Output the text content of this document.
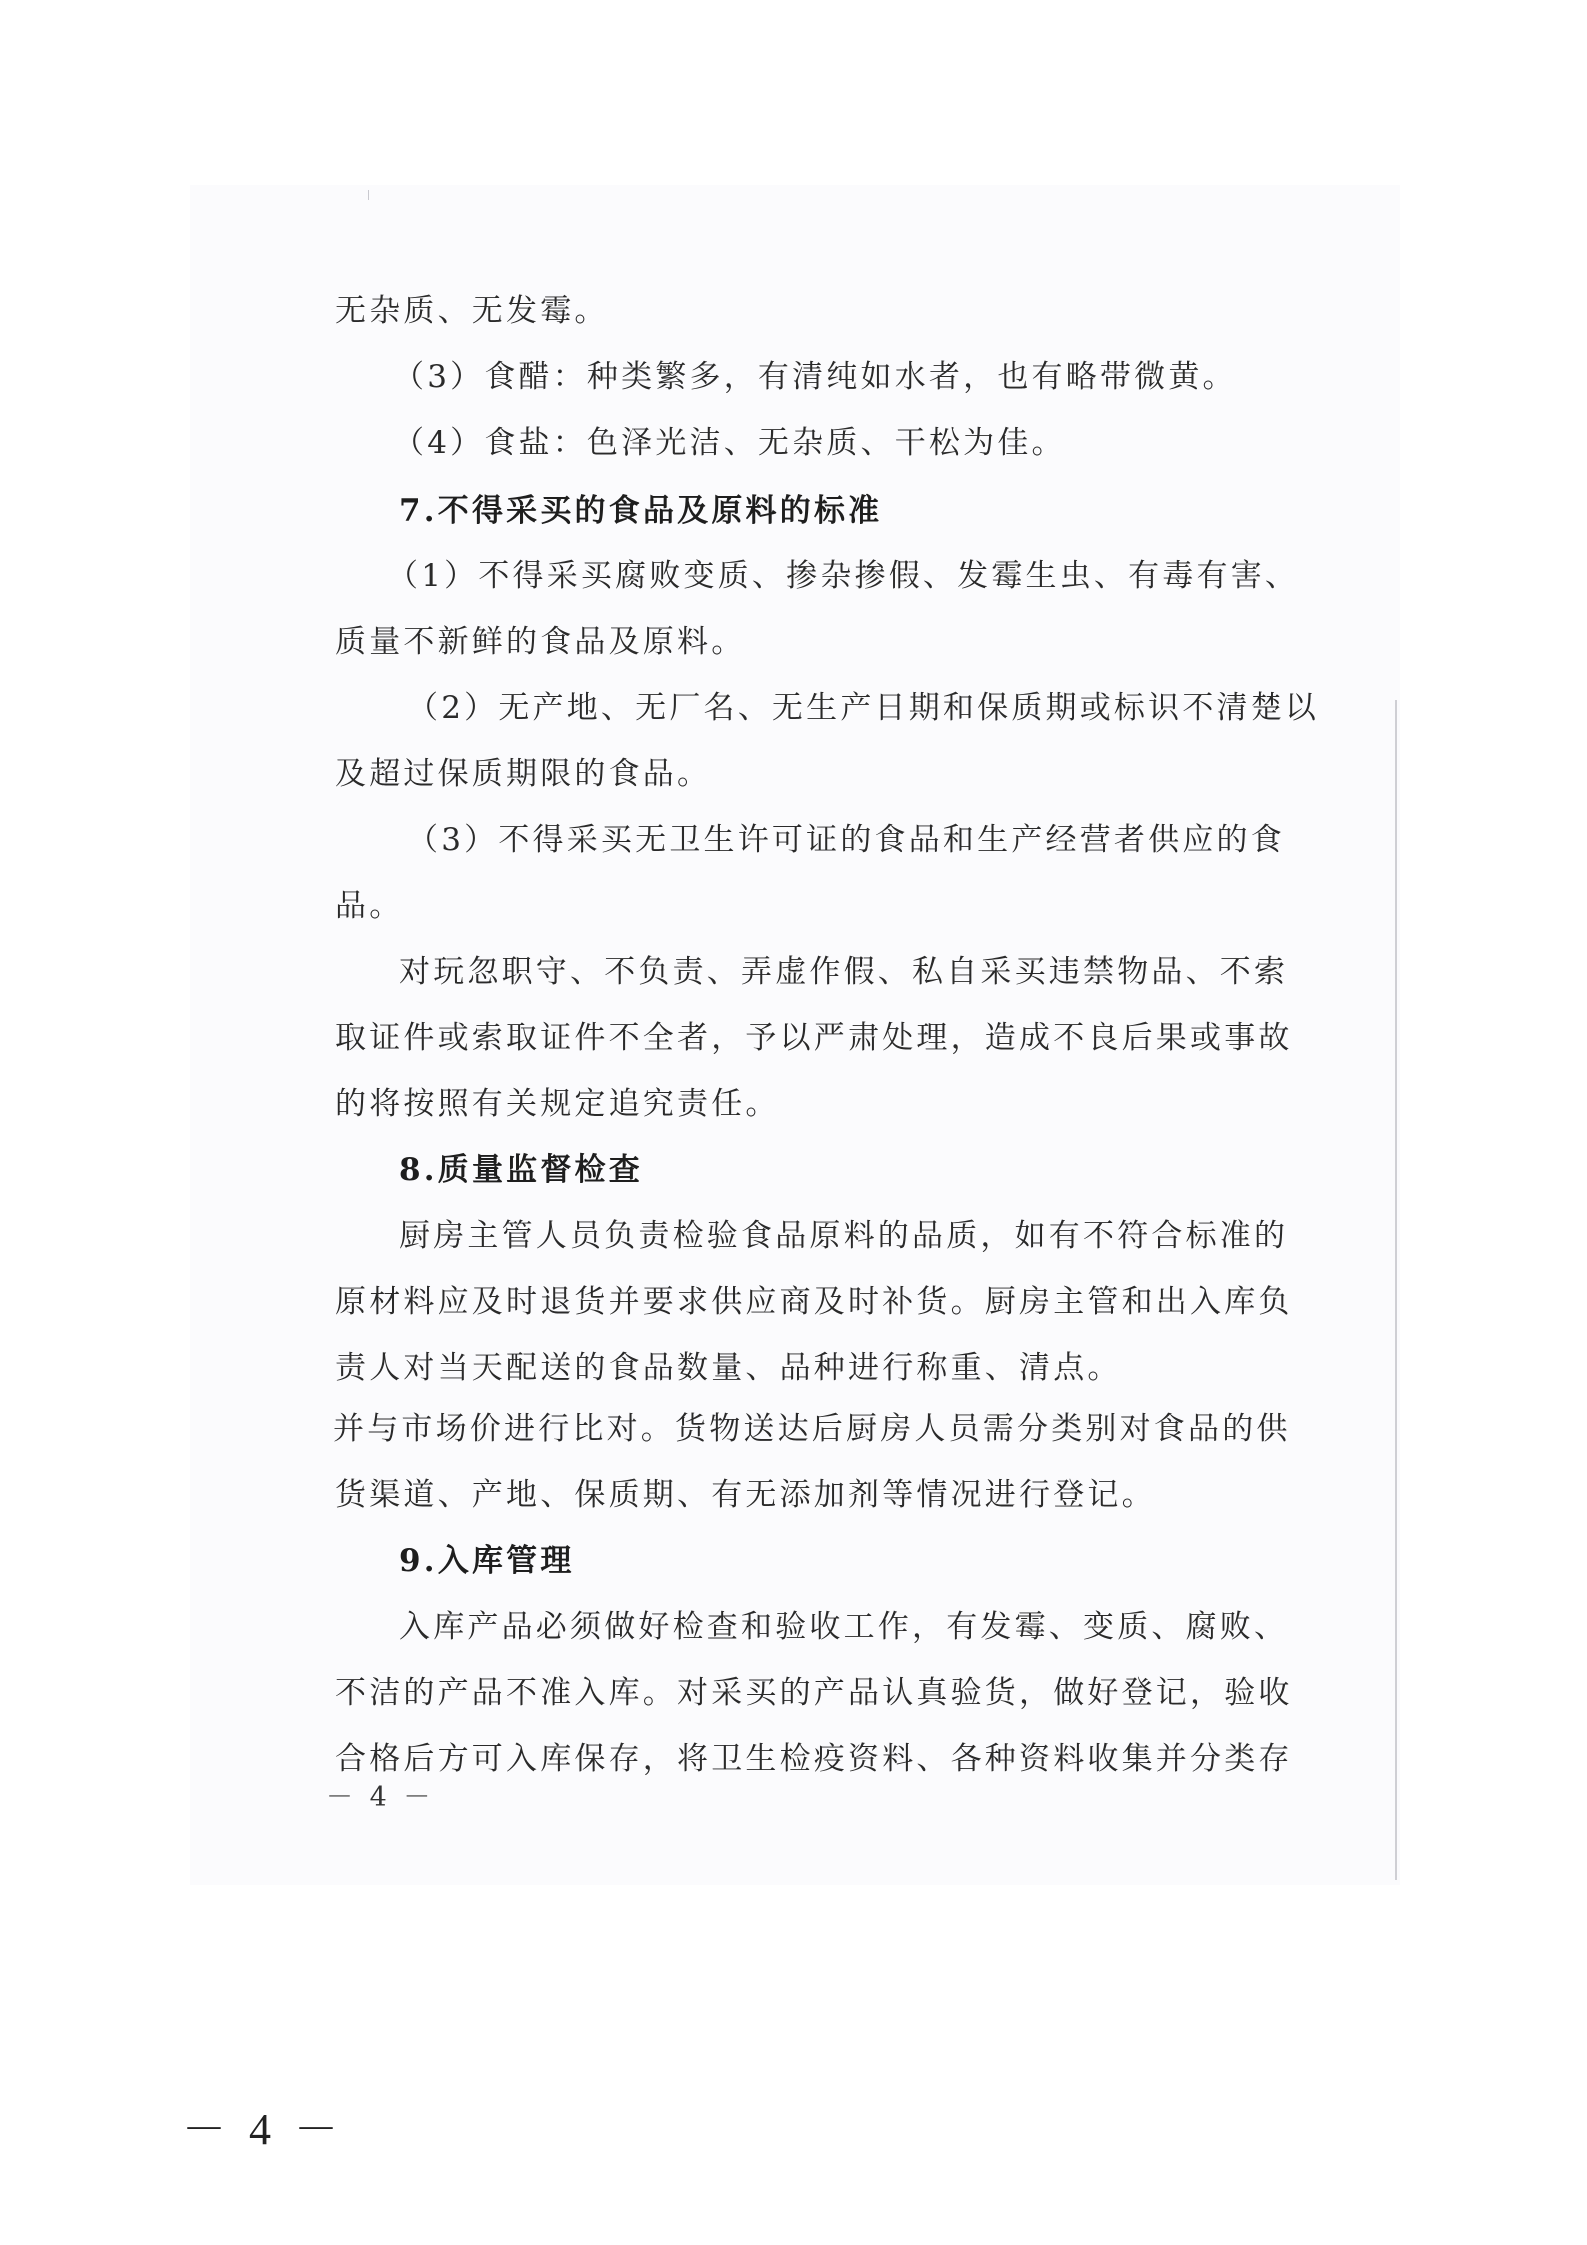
无杂质、无发霉。
（3）食醋：种类繁多，有清纯如水者，也有略带微黄。
（4）食盐：色泽光洁、无杂质、干松为佳。
7.不得采买的食品及原料的标准
（1）不得采买腐败变质、掺杂掺假、发霉生虫、有毒有害、
质量不新鲜的食品及原料。
（2）无产地、无厂名、无生产日期和保质期或标识不清楚以
及超过保质期限的食品。
（3）不得采买无卫生许可证的食品和生产经营者供应的食
品。
对玩忽职守、不负责、弄虚作假、私自采买违禁物品、不索
取证件或索取证件不全者，予以严肃处理，造成不良后果或事故
的将按照有关规定追究责任。
8.质量监督检查
厨房主管人员负责检验食品原料的品质，如有不符合标准的
原材料应及时退货并要求供应商及时补货。厨房主管和出入库负
责人对当天配送的食品数量、品种进行称重、清点。
并与市场价进行比对。货物送达后厨房人员需分类别对食品的供
货渠道、产地、保质期、有无添加剂等情况进行登记。
9.入库管理
入库产品必须做好检查和验收工作，有发霉、变质、腐败、
不洁的产品不准入库。对采买的产品认真验货，做好登记，验收
合格后方可入库保存，将卫生检疫资料、各种资料收集并分类存
－ 4 －
－ 4 －
